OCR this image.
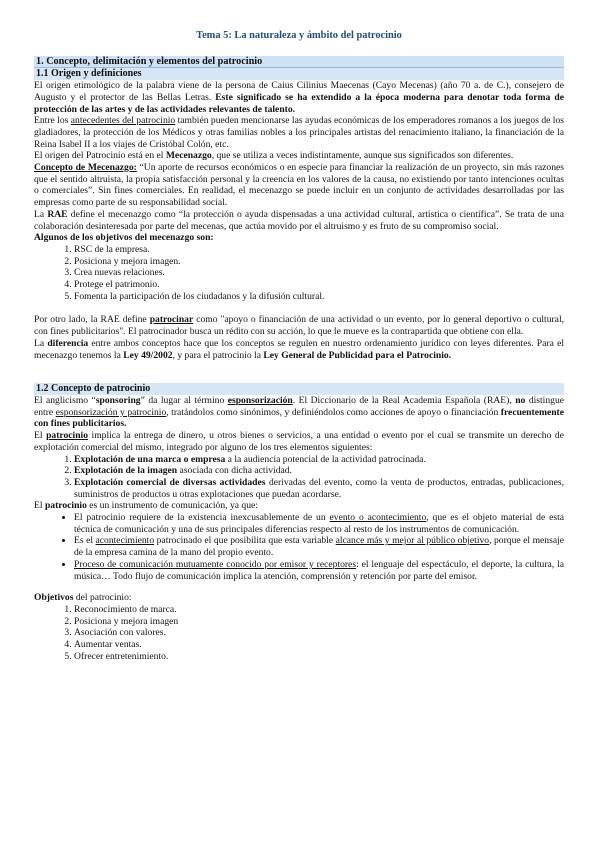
Tema 5: La naturaleza y ámbito del patrocinio
1. Concepto, delimitación y elementos del patrocinio
1.1 Origen y definiciones

El origen etimológico de la palabra viene de la persona de Caius Cilinius Maecenas (Cayo Mecenas) (año 70 a. de C.), consejero de Augusto y el protector de las Bellas Letras. Este significado se ha extendido a la época moderna para denotar toda forma de protección de las artes y de las actividades relevantes de talento.

Entre los antecedentes del patrocinio también pueden mencionarse las ayudas económicas de los emperadores romanos a los juegos de los gladiadores, la protección de los Médicos y otras familias nobles a los principales artistas del renacimiento italiano, la financiación de la Reina Isabel II a los viajes de Cristóbal Colón, etc.

El origen del Patrocinio está en el Mecenazgo, que se utiliza a veces indistintamente, aunque sus significados son diferentes.

Concepto de Mecenazgo: “Un aporte de recursos económicos o en especie para financiar la realización de un proyecto, sin más razones que el sentido altruista, la propia satisfacción personal y la creencia en los valores de la causa, no existiendo por tanto intenciones ocultas o comerciales”. Sin fines comerciales. En realidad, el mecenazgo se puede incluir en un conjunto de actividades desarrolladas por las empresas como parte de su responsabilidad social.

La RAE define el mecenazgo como “la protección o ayuda dispensadas a una actividad cultural, artística o científica”. Se trata de una colaboración desinteresada por parte del mecenas, que actúa movido por el altruismo y es fruto de su compromiso social.

Algunos de los objetivos del mecenazgo son:

1. RSC de la empresa.
2. Posiciona y mejora imagen.
3. Crea nuevas relaciones.
4. Protege el patrimonio.
5. Fomenta la participación de los ciudadanos y la difusión cultural.

Por otro lado, la RAE define patrocinar como "apoyo o financiación de una actividad o un evento, por lo general deportivo o cultural, con fines publicitarios". El patrocinador busca un rédito con su acción, lo que le mueve es la contrapartida que obtiene con ella.

La diferencia entre ambos conceptos hace que los conceptos se regulen en nuestro ordenamiento jurídico con leyes diferentes. Para el mecenazgo tenemos la Ley 49/2002, y para el patrocinio la Ley General de Publicidad para el Patrocinio.

1.2 Concepto de patrocinio

El anglicismo “sponsoring” da lugar al término esponsorización. El Diccionario de la Real Academia Española (RAE), no distingue entre esponsorización y patrocinio, tratándolos como sinónimos, y definiéndolos como acciones de apoyo o financiación frecuentemente con fines publicitarios.

El patrocinio implica la entrega de dinero, u otros bienes o servicios, a una entidad o evento por el cual se transmite un derecho de explotación comercial del mismo, integrado por alguno de los tres elementos siguientes:

1. Explotación de una marca o empresa a la audiencia potencial de la actividad patrocinada.
2. Explotación de la imagen asociada con dicha actividad.
3. Explotación comercial de diversas actividades derivadas del evento, como la venta de productos, entradas, publicaciones, suministros de productos u otras explotaciones que puedan acordarse.

El patrocinio es un instrumento de comunicación, ya que:

• El patrocinio requiere de la existencia inexcusablemente de un evento o acontecimiento, que es el objeto material de esta técnica de comunicación y una de sus principales diferencias respecto al resto de los instrumentos de comunicación.
• Es el acontecimiento patrocinado el que posibilita que esta variable alcance más y mejor al público objetivo, porque el mensaje de la empresa camina de la mano del propio evento.
• Proceso de comunicación mutuamente conocido por emisor y receptores: el lenguaje del espectáculo, el deporte, la cultura, la música… Todo flujo de comunicación implica la atención, comprensión y retención por parte del emisor.

Objetivos del patrocinio:

1. Reconocimiento de marca.
2. Posiciona y mejora imagen
3. Asociación con valores.
4. Aumentar ventas.
5. Ofrecer entretenimiento.
